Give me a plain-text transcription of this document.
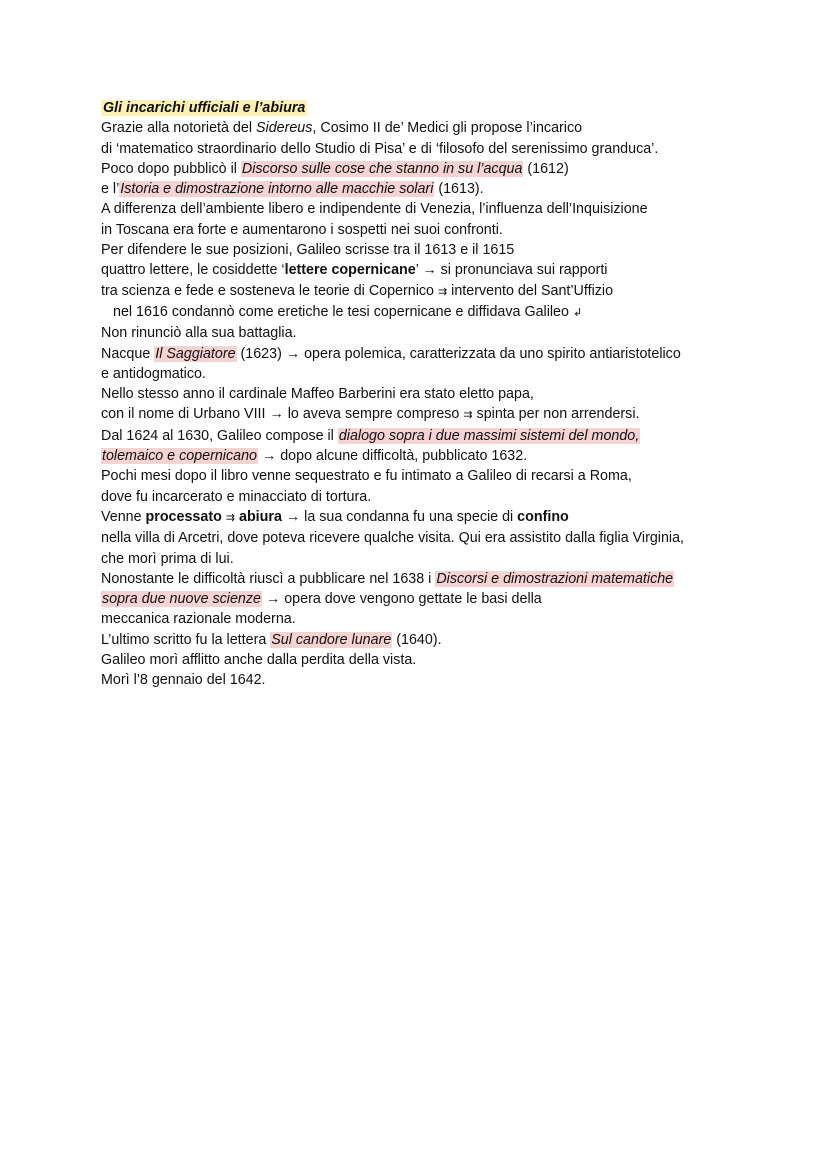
Gli incarichi ufficiali e l’abiura
Grazie alla notorietà del Sidereus, Cosimo II de’ Medici gli propose l’incarico
di ‘matematico straordinario dello Studio di Pisa’ e di ‘filosofo del serenissimo granduca’.
Poco dopo pubblicò il Discorso sulle cose che stanno in su l’acqua (1612)
e l’Istoria e dimostrazione intorno alle macchie solari (1613).
A differenza dell’ambiente libero e indipendente di Venezia, l’influenza dell’Inquisizione
in Toscana era forte e aumentarono i sospetti nei suoi confronti.
Per difendere le sue posizioni, Galileo scrisse tra il 1613 e il 1615
quattro lettere, le cosiddette ‘lettere copernicane’ → si pronunciava sui rapporti
tra scienza e fede e sosteneva le teorie di Copernico ⇉ intervento del Sant’Uffizio
nel 1616 condannò come eretiche le tesi copernicane e diffidava Galileo ↲
Non rinunciò alla sua battaglia.
Nacque Il Saggiatore (1623) → opera polemica, caratterizzata da uno spirito antiaristotelico
e antidogmatico.
Nello stesso anno il cardinale Maffeo Barberini era stato eletto papa,
con il nome di Urbano VIII → lo aveva sempre compreso ⇉ spinta per non arrendersi.
Dal 1624 al 1630, Galileo compose il dialogo sopra i due massimi sistemi del mondo,
tolemaico e copernicano → dopo alcune difficoltà, pubblicato 1632.
Pochi mesi dopo il libro venne sequestrato e fu intimato a Galileo di recarsi a Roma,
dove fu incarcerato e minacciato di tortura.
Venne processato ⇉ abiura → la sua condanna fu una specie di confino
nella villa di Arcetri, dove poteva ricevere qualche visita. Qui era assistito dalla figlia Virginia,
che morì prima di lui.
Nonostante le difficoltà riuscì a pubblicare nel 1638 i Discorsi e dimostrazioni matematiche
sopra due nuove scienze → opera dove vengono gettate le basi della
meccanica razionale moderna.
L’ultimo scritto fu la lettera Sul candore lunare (1640).
Galileo morì afflitto anche dalla perdita della vista.
Morì l’8 gennaio del 1642.
